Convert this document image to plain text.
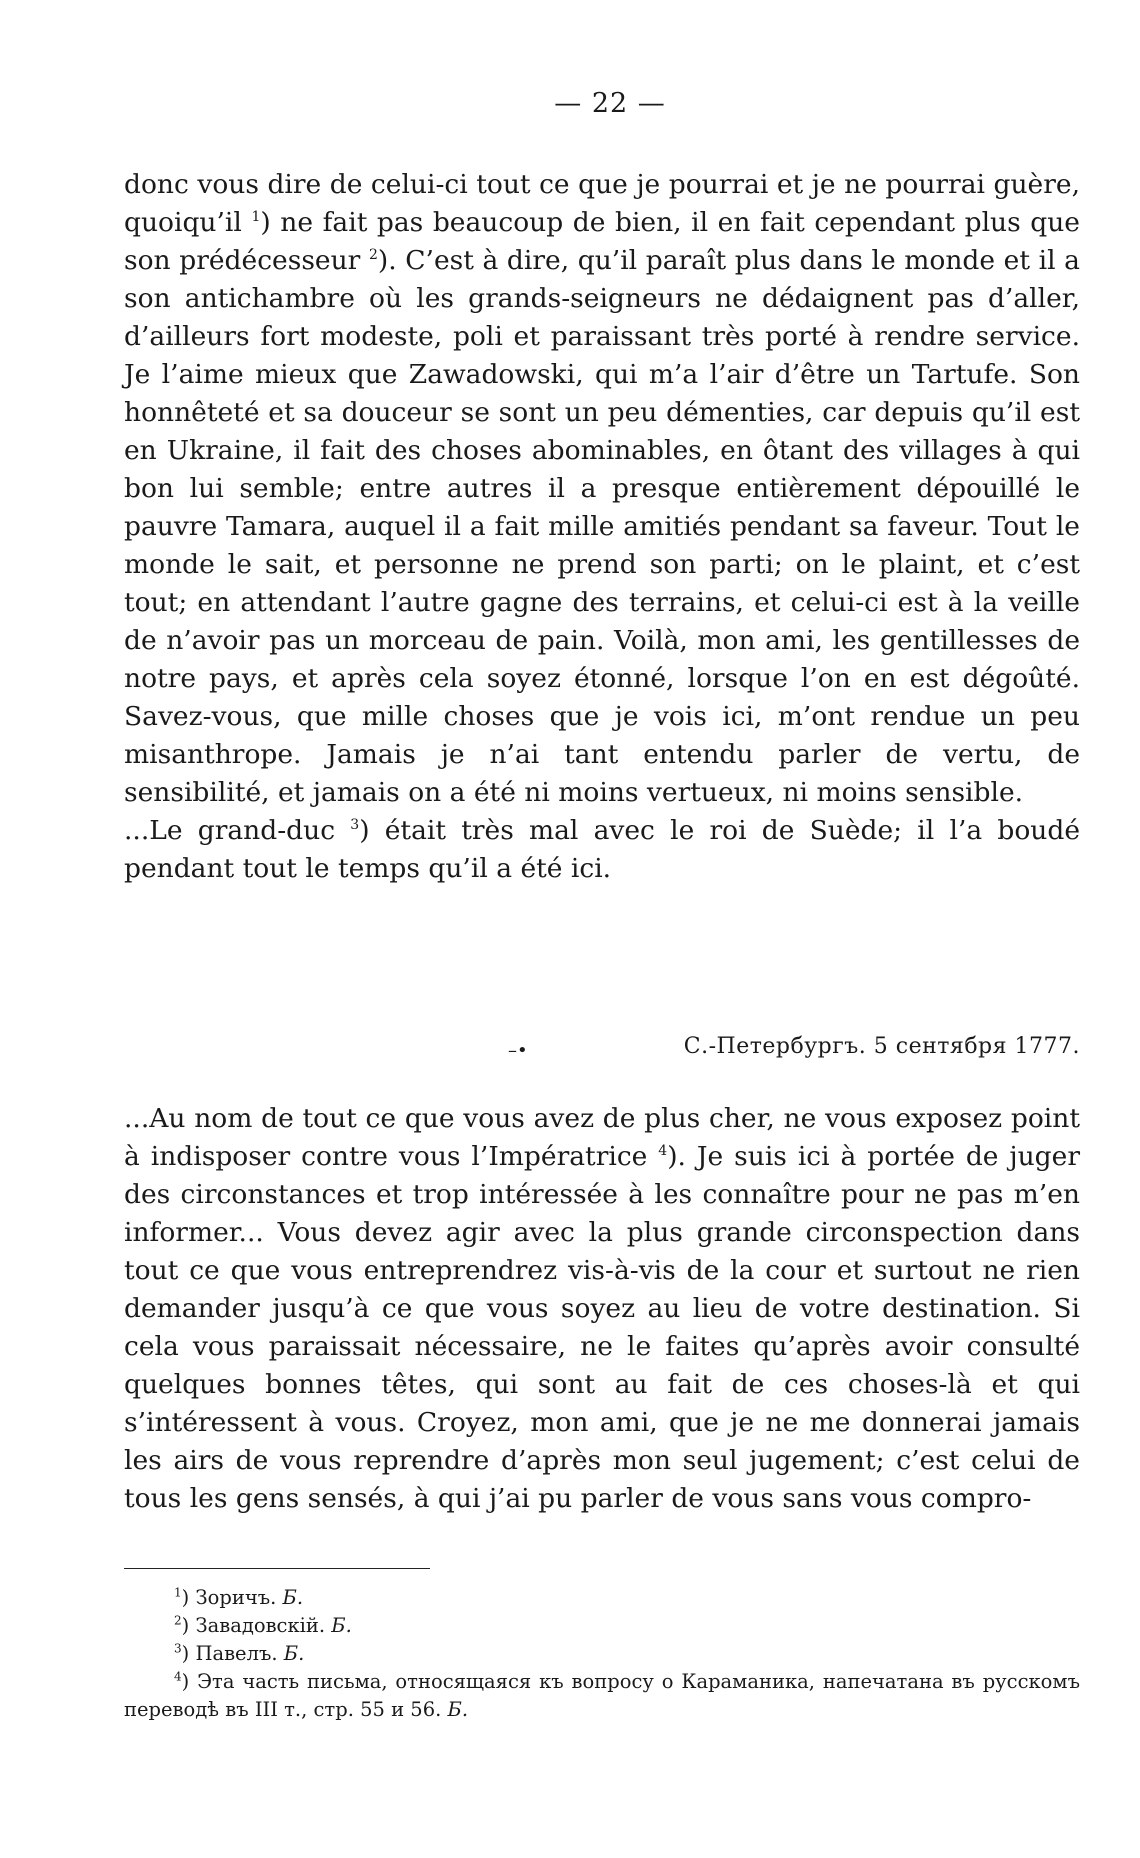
— 22 —

donc vous dire de celui-ci tout ce que je pourrai et je ne pourrai guère, quoiqu’il $^1$) ne fait pas beaucoup de bien, il en fait cependant plus que son prédécesseur $^2$). C’est à dire, qu’il paraît plus dans le monde et il a son antichambre où les grands-seigneurs ne dédaignent pas d’aller, d’ailleurs fort modeste, poli et paraissant très porté à rendre service. Je l’aime mieux que Zawadowski, qui m’a l’air d’être un Tartufe. Son honnêteté et sa douceur se sont un peu démenties, car depuis qu’il est en Ukraine, il fait des choses abominables, en ôtant des villages à qui bon lui semble; entre autres il a presque entièrement dépouillé le pauvre Tamara, auquel il a fait mille amitiés pendant sa faveur. Tout le monde le sait, et personne ne prend son parti; on le plaint, et c’est tout; en attendant l’autre gagne des terrains, et celui-ci est à la veille de n’avoir pas un morceau de pain. Voilà, mon ami, les gentillesses de notre pays, et après cela soyez étonné, lorsque l’on en est dégoûté. Savez-vous, que mille choses que je vois ici, m’ont rendue un peu misanthrope. Jamais je n’ai tant entendu parler de vertu, de sensibilité, et jamais on a été ni moins vertueux, ni moins sensible.

...Le grand-duc $^3$) était très mal avec le roi de Suède; il l’a boudé pendant tout le temps qu’il a été ici.

–•	С.-Петербургъ. 5 сентября 1777.

...Au nom de tout ce que vous avez de plus cher, ne vous exposez point à indisposer contre vous l’Impératrice $^4$). Je suis ici à portée de juger des circonstances et trop intéressée à les connaître pour ne pas m’en informer... Vous devez agir avec la plus grande circonspection dans tout ce que vous entreprendrez vis-à-vis de la cour et surtout ne rien demander jusqu’à ce que vous soyez au lieu de votre destination. Si cela vous paraissait nécessaire, ne le faites qu’après avoir consulté quelques bonnes têtes, qui sont au fait de ces choses-là et qui s’intéressent à vous. Croyez, mon ami, que je ne me donnerai jamais les airs de vous reprendre d’après mon seul jugement; c’est celui de tous les gens sensés, à qui j’ai pu parler de vous sans vous compro-

$^1$) Зоричъ. Б.

$^2$) Завадовскій. Б.

$^3$) Павелъ. Б.

$^4$) Эта часть письма, относящаяся къ вопросу о Караманика, напечатана въ русскомъ переводѣ въ III т., стр. 55 и 56. Б.
